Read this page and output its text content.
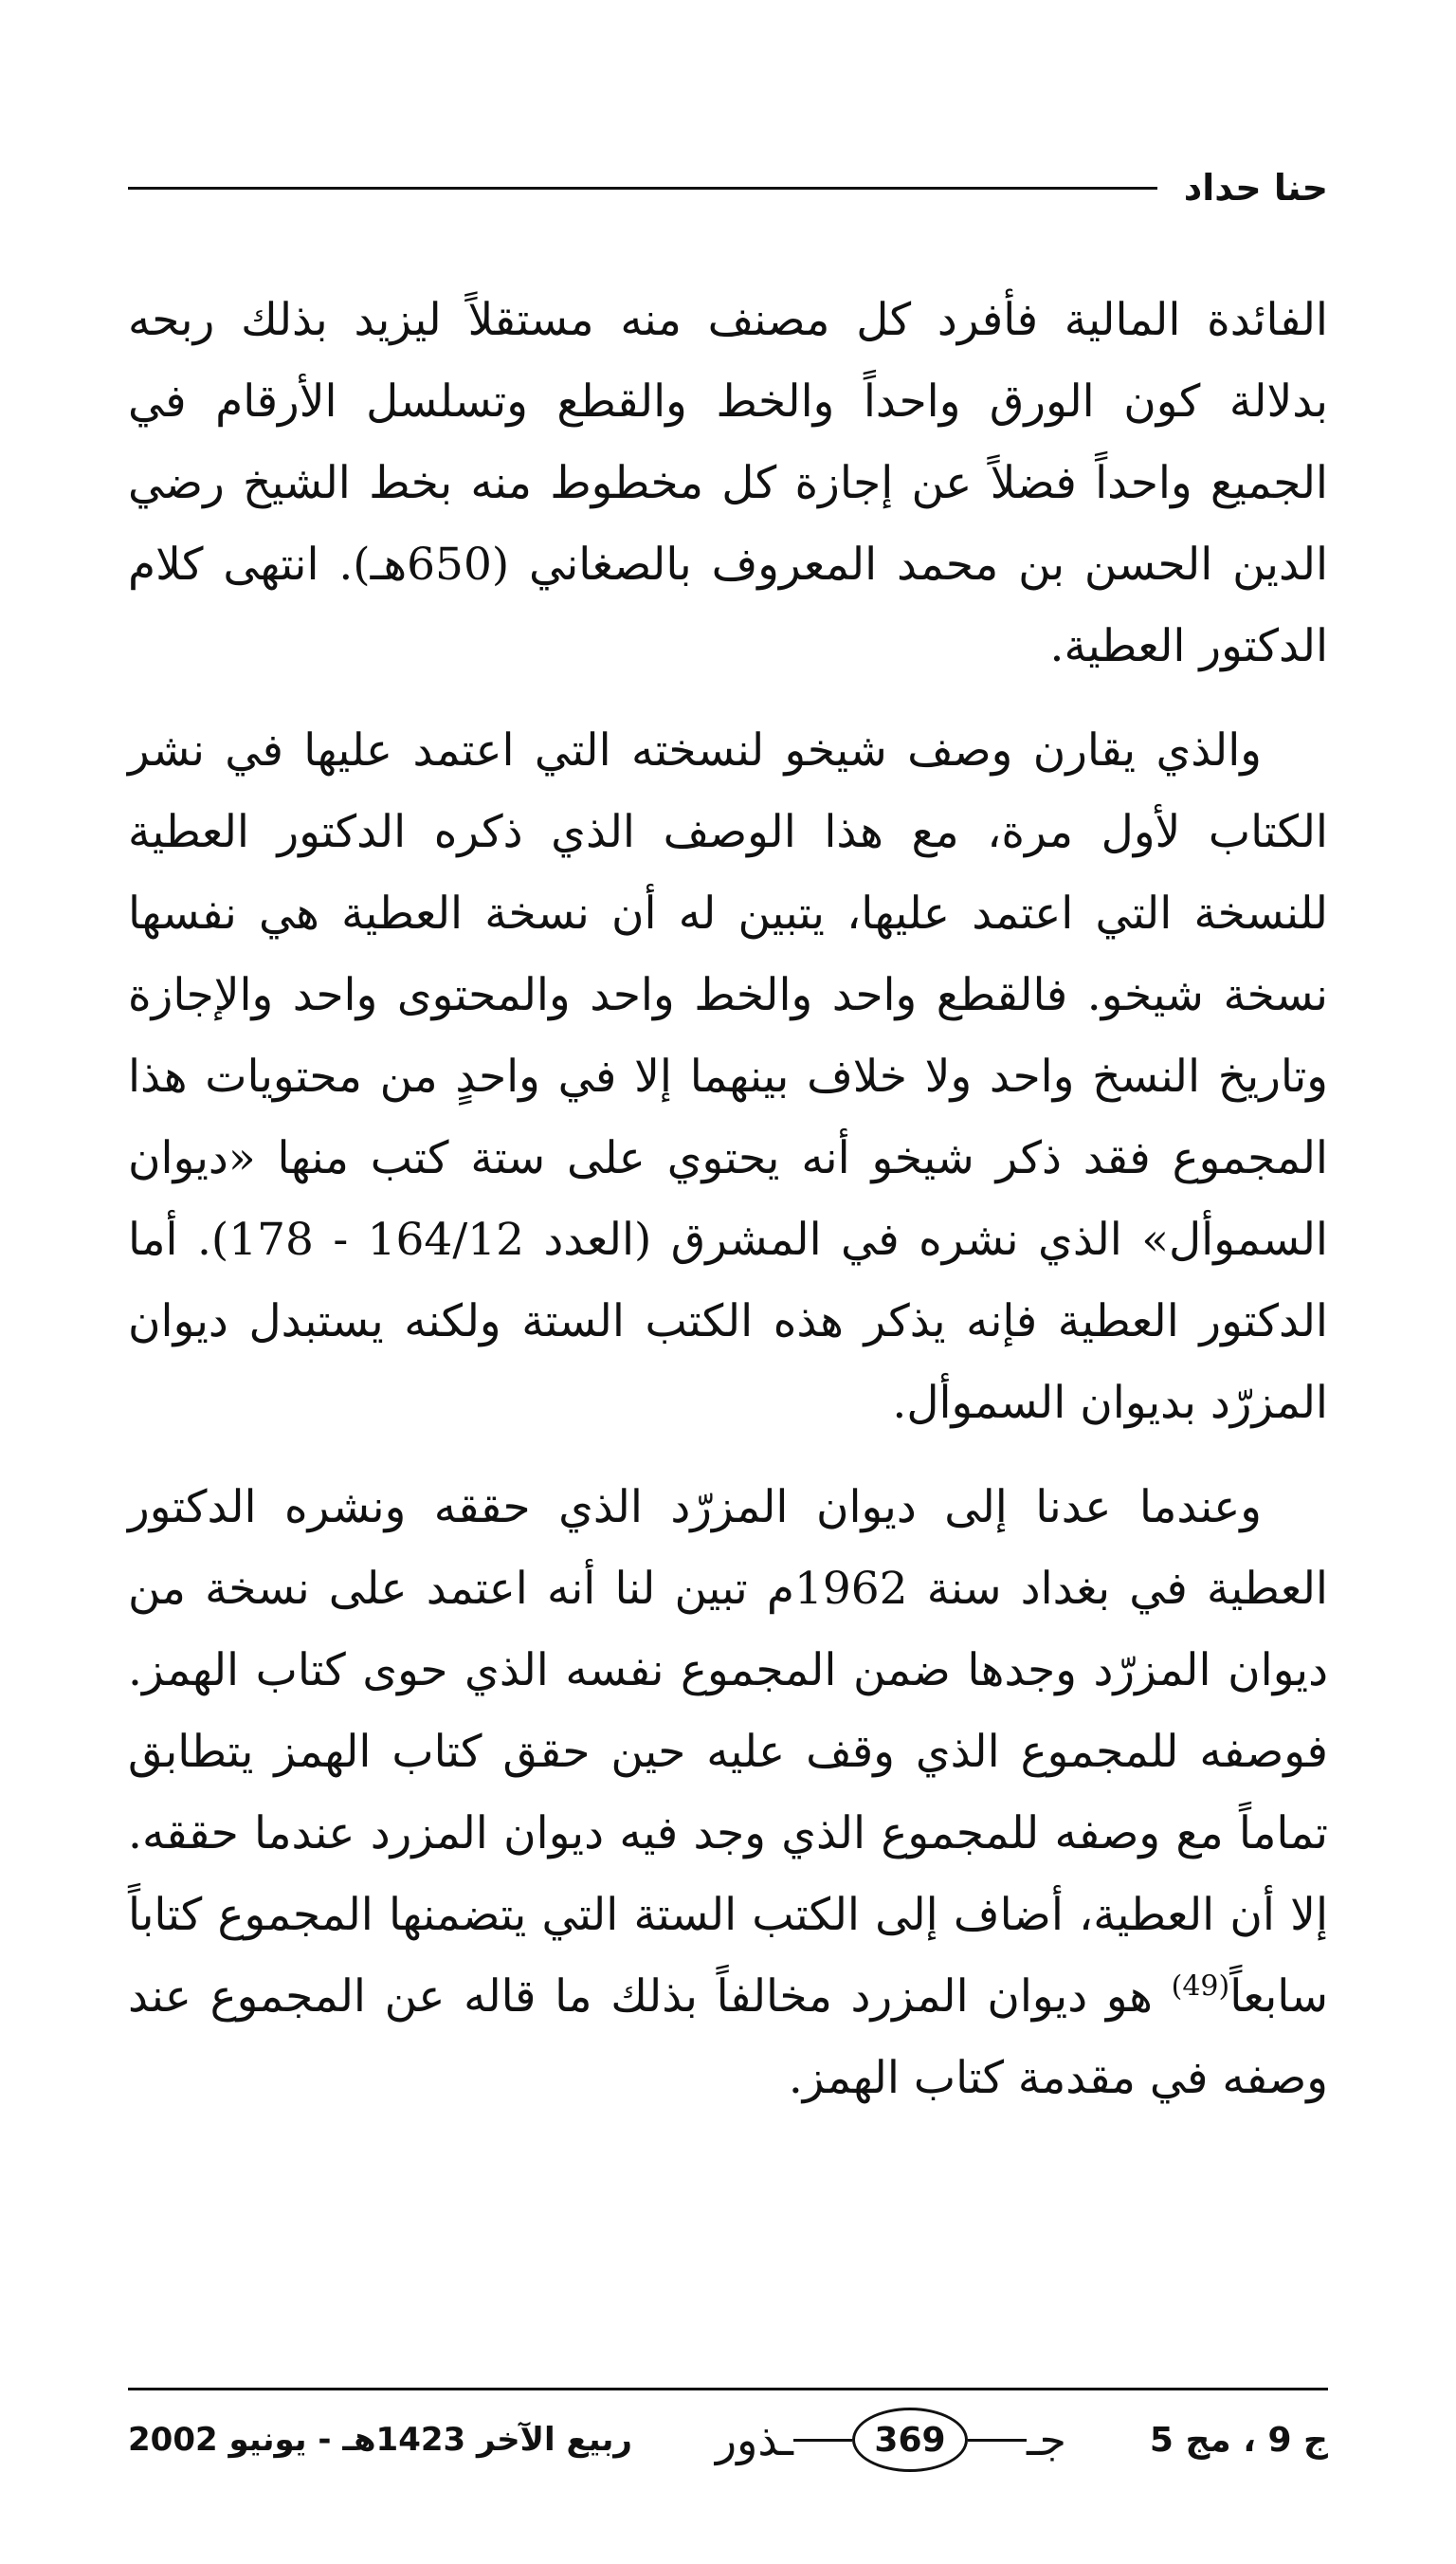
حنا حداد

الفائدة المالية فأفرد كل مصنف منه مستقلاً ليزيد بذلك ربحه بدلالة كون الورق واحداً والخط والقطع وتسلسل الأرقام في الجميع واحداً فضلاً عن إجازة كل مخطوط منه بخط الشيخ رضي الدين الحسن بن محمد المعروف بالصغاني (650هـ). انتهى كلام الدكتور العطية.

والذي يقارن وصف شيخو لنسخته التي اعتمد عليها في نشر الكتاب لأول مرة، مع هذا الوصف الذي ذكره الدكتور العطية للنسخة التي اعتمد عليها، يتبين له أن نسخة العطية هي نفسها نسخة شيخو. فالقطع واحد والخط واحد والمحتوى واحد والإجازة وتاريخ النسخ واحد ولا خلاف بينهما إلا في واحدٍ من محتويات هذا المجموع فقد ذكر شيخو أنه يحتوي على ستة كتب منها «ديوان السموأل» الذي نشره في المشرق (العدد 164/12 - 178). أما الدكتور العطية فإنه يذكر هذه الكتب الستة ولكنه يستبدل ديوان المزرّد بديوان السموأل.

وعندما عدنا إلى ديوان المزرّد الذي حققه ونشره الدكتور العطية في بغداد سنة 1962م تبين لنا أنه اعتمد على نسخة من ديوان المزرّد وجدها ضمن المجموع نفسه الذي حوى كتاب الهمز. فوصفه للمجموع الذي وقف عليه حين حقق كتاب الهمز يتطابق تماماً مع وصفه للمجموع الذي وجد فيه ديوان المزرد عندما حققه. إلا أن العطية، أضاف إلى الكتب الستة التي يتضمنها المجموع كتاباً سابعاً$^{(49)}$ هو ديوان المزرد مخالفاً بذلك ما قاله عن المجموع عند وصفه في مقدمة كتاب الهمز.

ج 9 ، مج 5
جـ
369
ـذور
ربيع الآخر 1423هـ - يونيو 2002
